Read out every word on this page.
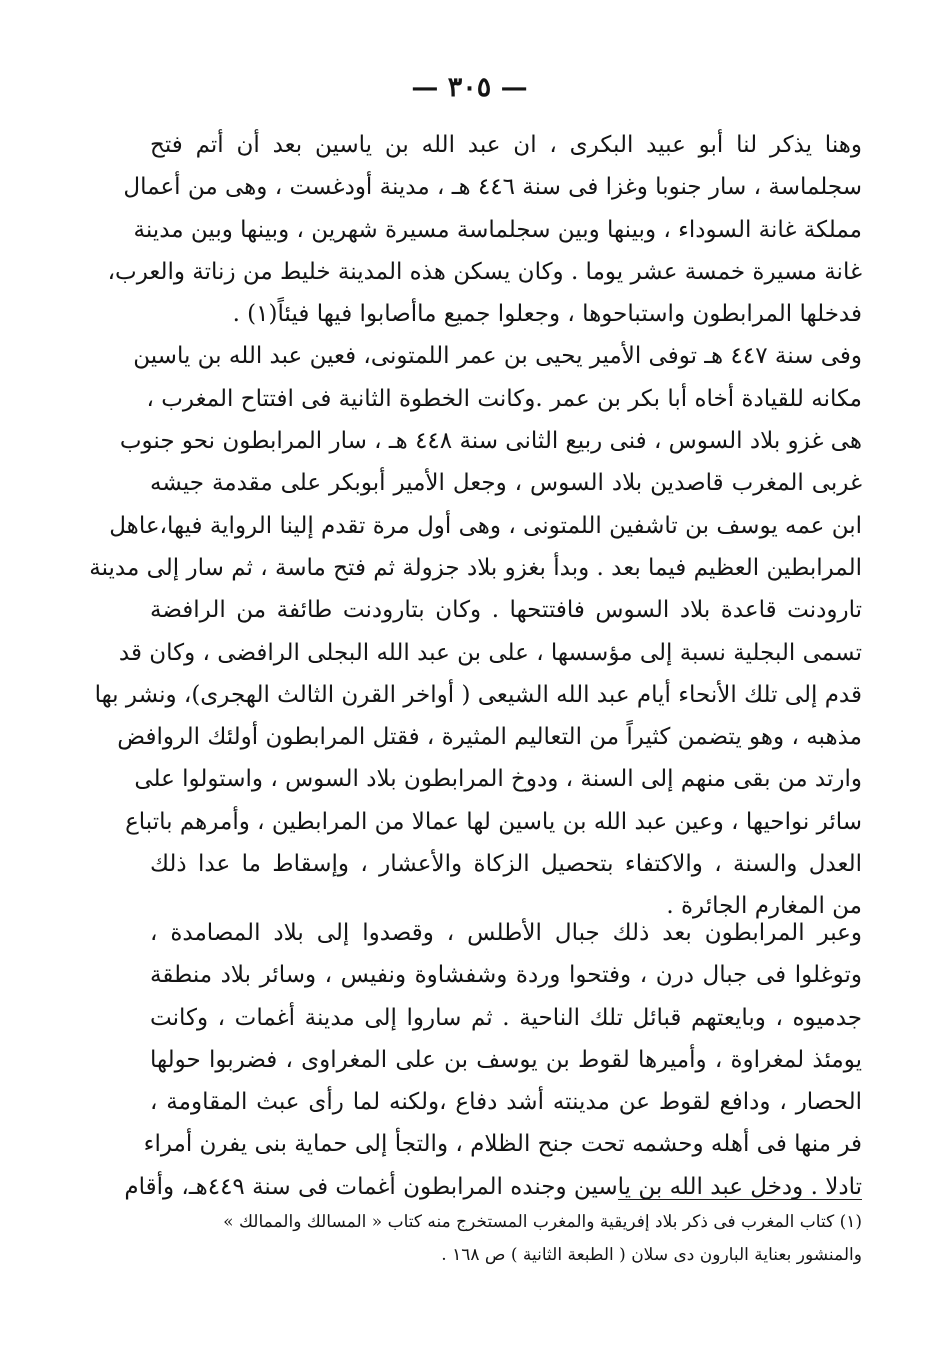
— ٣٠٥ —
وهنا يذكر لنا أبو عبيد البكرى ، ان عبد الله بن ياسين بعد أن أتم فتح
سجلماسة ، سار جنوبا وغزا فى سنة ٤٤٦ هـ ، مدينة أودغست ، وهى من أعمال
مملكة غانة السوداء ، وبينها وبين سجلماسة مسيرة شهرين ، وبينها وبين مدينة
غانة مسيرة خمسة عشر يوما . وكان يسكن هذه المدينة خليط من زناتة والعرب،
فدخلها المرابطون واستباحوها ، وجعلوا جميع ماأصابوا فيها فيئاً(١) .
وفى سنة ٤٤٧ هـ توفى الأمير يحيى بن عمر اللمتونى، فعين عبد الله بن ياسين
مكانه للقيادة أخاه أبا بكر بن عمر .وكانت الخطوة الثانية فى افتتاح المغرب ،
هى غزو بلاد السوس ، فنى ربيع الثانى سنة ٤٤٨ هـ ، سار المرابطون نحو جنوب
غربى المغرب قاصدين بلاد السوس ، وجعل الأمير أبوبكر على مقدمة جيشه
ابن عمه يوسف بن تاشفين اللمتونى ، وهى أول مرة تقدم إلينا الرواية فيها،عاهل
المرابطين العظيم فيما بعد . وبدأ بغزو بلاد جزولة ثم فتح ماسة ، ثم سار إلى مدينة
تارودنت قاعدة بلاد السوس فافتتحها . وكان بتارودنت طائفة من الرافضة
تسمى البجلية نسبة إلى مؤسسها ، على بن عبد الله البجلى الرافضى ، وكان قد
قدم إلى تلك الأنحاء أيام عبد الله الشيعى ( أواخر القرن الثالث الهجرى)، ونشر بها
مذهبه ، وهو يتضمن كثيراً من التعاليم المثيرة ، فقتل المرابطون أولئك الروافض
وارتد من بقى منهم إلى السنة ، ودوخ المرابطون بلاد السوس ، واستولوا على
سائر نواحيها ، وعين عبد الله بن ياسين لها عمالا من المرابطين ، وأمرهم باتباع
العدل والسنة ، والاكتفاء بتحصيل الزكاة والأعشار ، وإسقاط ما عدا ذلك
من المغارم الجائرة .
وعبر المرابطون بعد ذلك جبال الأطلس ، وقصدوا إلى بلاد المصامدة ،
وتوغلوا فى جبال درن ، وفتحوا وردة وشفشاوة ونفيس ، وسائر بلاد منطقة
جدميوه ، وبايعتهم قبائل تلك الناحية . ثم ساروا إلى مدينة أغمات ، وكانت
يومئذ لمغراوة ، وأميرها لقوط بن يوسف بن على المغراوى ، فضربوا حولها
الحصار ، ودافع لقوط عن مدينته أشد دفاع ،ولكنه لما رأى عبث المقاومة ،
فر منها فى أهله وحشمه تحت جنح الظلام ، والتجأ إلى حماية بنى يفرن أمراء
تادلا . ودخل عبد الله بن ياسين وجنده المرابطون أغمات فى سنة ٤٤٩هـ، وأقام
(١) كتاب المغرب فى ذكر بلاد إفريقية والمغرب المستخرج منه كتاب « المسالك والممالك »
والمنشور بعناية البارون دى سلان ( الطبعة الثانية ) ص ١٦٨ .
